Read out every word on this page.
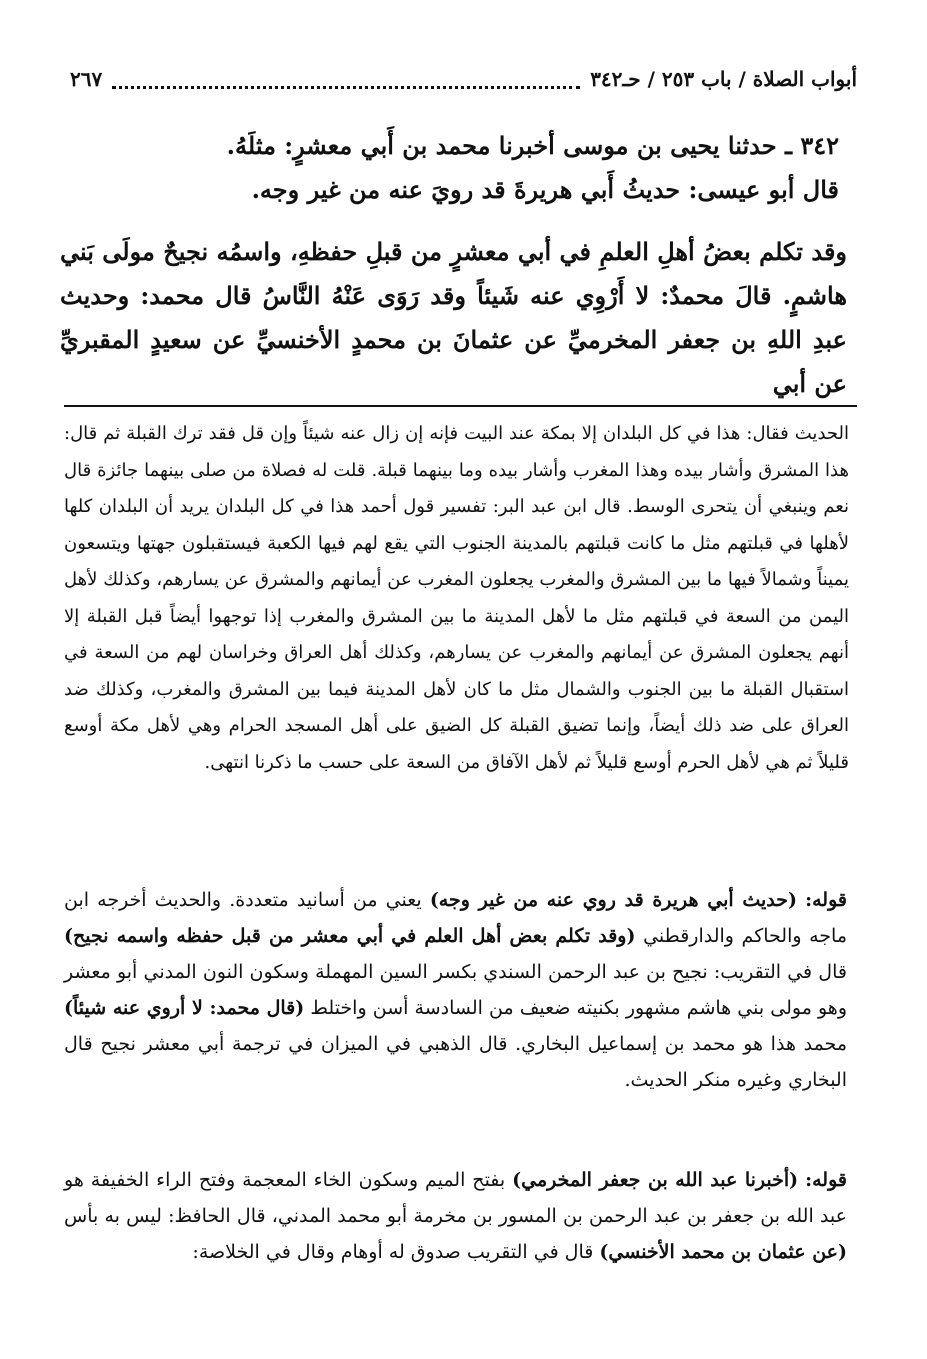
أبواب الصلاة / باب ٢٥٣ / حـ٣٤٢
٢٦٧

٣٤٢ ـ حدثنا يحيى بن موسى أخبرنا محمد بن أَبي معشرٍ: مثلَهُ.

قال أبو عيسى: حديثُ أَبي هريرةَ قد رويَ عنه من غير وجه.

وقد تكلم بعضُ أهلِ العلمِ في أبي معشرٍ من قبلِ حفظهِ، واسمُه نجيحٌ مولَى بَني هاشمٍ. قالَ محمدٌ: لا أَرْوِي عنه شَيئاً وقد رَوَى عَنْهُ النَّاسُ قال محمد: وحديث عبدِ اللهِ بن جعفر المخرميِّ عن عثمانَ بن محمدٍ الأخنسيِّ عن سعيدٍ المقبريِّ عن أبي

الحديث فقال: هذا في كل البلدان إلا بمكة عند البيت فإنه إن زال عنه شيئاً وإن قل فقد ترك القبلة ثم قال: هذا المشرق وأشار بيده وهذا المغرب وأشار بيده وما بينهما قبلة. قلت له فصلاة من صلى بينهما جائزة قال نعم وينبغي أن يتحرى الوسط. قال ابن عبد البر: تفسير قول أحمد هذا في كل البلدان يريد أن البلدان كلها لأهلها في قبلتهم مثل ما كانت قبلتهم بالمدينة الجنوب التي يقع لهم فيها الكعبة فيستقبلون جهتها ويتسعون يميناً وشمالاً فيها ما بين المشرق والمغرب يجعلون المغرب عن أيمانهم والمشرق عن يسارهم، وكذلك لأهل اليمن من السعة في قبلتهم مثل ما لأهل المدينة ما بين المشرق والمغرب إذا توجهوا أيضاً قبل القبلة إلا أنهم يجعلون المشرق عن أيمانهم والمغرب عن يسارهم، وكذلك أهل العراق وخراسان لهم من السعة في استقبال القبلة ما بين الجنوب والشمال مثل ما كان لأهل المدينة فيما بين المشرق والمغرب، وكذلك ضد العراق على ضد ذلك أيضاً، وإنما تضيق القبلة كل الضيق على أهل المسجد الحرام وهي لأهل مكة أوسع قليلاً ثم هي لأهل الحرم أوسع قليلاً ثم لأهل الآفاق من السعة على حسب ما ذكرنا انتهى.

قوله: (حديث أبي هريرة قد روي عنه من غير وجه) يعني من أسانيد متعددة. والحديث أخرجه ابن ماجه والحاكم والدارقطني (وقد تكلم بعض أهل العلم في أبي معشر من قبل حفظه واسمه نجيح) قال في التقريب: نجيح بن عبد الرحمن السندي بكسر السين المهملة وسكون النون المدني أبو معشر وهو مولى بني هاشم مشهور بكنيته ضعيف من السادسة أسن واختلط (قال محمد: لا أروي عنه شيئاً) محمد هذا هو محمد بن إسماعيل البخاري. قال الذهبي في الميزان في ترجمة أبي معشر نجيح قال البخاري وغيره منكر الحديث.

قوله: (أخبرنا عبد الله بن جعفر المخرمي) بفتح الميم وسكون الخاء المعجمة وفتح الراء الخفيفة هو عبد الله بن جعفر بن عبد الرحمن بن المسور بن مخرمة أبو محمد المدني، قال الحافظ: ليس به بأس (عن عثمان بن محمد الأخنسي) قال في التقريب صدوق له أوهام وقال في الخلاصة:
